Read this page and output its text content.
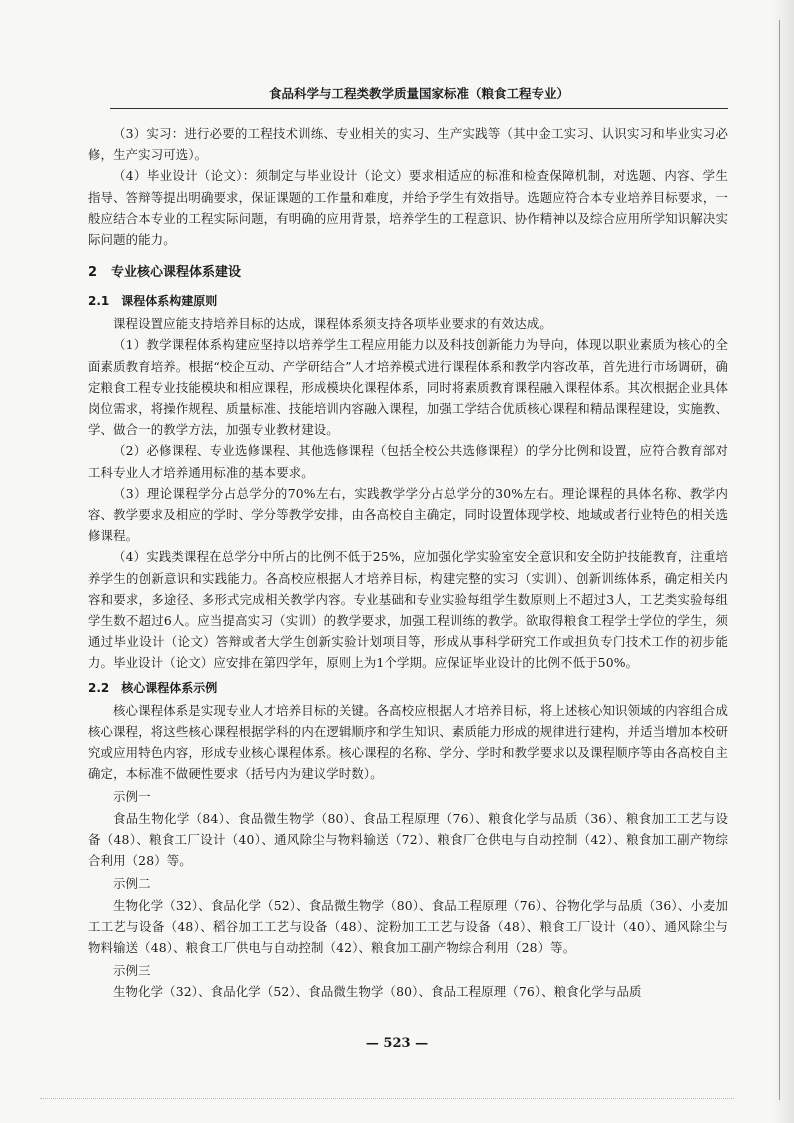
食品科学与工程类教学质量国家标准（粮食工程专业）

（3）实习：进行必要的工程技术训练、专业相关的实习、生产实践等（其中金工实习、认识实习和毕业实习必修，生产实习可选）。

（4）毕业设计（论文）：须制定与毕业设计（论文）要求相适应的标准和检查保障机制，对选题、内容、学生指导、答辩等提出明确要求，保证课题的工作量和难度，并给予学生有效指导。选题应符合本专业培养目标要求，一般应结合本专业的工程实际问题，有明确的应用背景，培养学生的工程意识、协作精神以及综合应用所学知识解决实际问题的能力。

2 专业核心课程体系建设
2.1 课程体系构建原则

课程设置应能支持培养目标的达成，课程体系须支持各项毕业要求的有效达成。

（1）教学课程体系构建应坚持以培养学生工程应用能力以及科技创新能力为导向，体现以职业素质为核心的全面素质教育培养。根据“校企互动、产学研结合”人才培养模式进行课程体系和教学内容改革，首先进行市场调研，确定粮食工程专业技能模块和相应课程，形成模块化课程体系，同时将素质教育课程融入课程体系。其次根据企业具体岗位需求，将操作规程、质量标准、技能培训内容融入课程，加强工学结合优质核心课程和精品课程建设，实施教、学、做合一的教学方法，加强专业教材建设。

（2）必修课程、专业选修课程、其他选修课程（包括全校公共选修课程）的学分比例和设置，应符合教育部对工科专业人才培养通用标准的基本要求。

（3）理论课程学分占总学分的70%左右，实践教学学分占总学分的30%左右。理论课程的具体名称、教学内容、教学要求及相应的学时、学分等教学安排，由各高校自主确定，同时设置体现学校、地域或者行业特色的相关选修课程。

（4）实践类课程在总学分中所占的比例不低于25%，应加强化学实验室安全意识和安全防护技能教育，注重培养学生的创新意识和实践能力。各高校应根据人才培养目标，构建完整的实习（实训）、创新训练体系，确定相关内容和要求，多途径、多形式完成相关教学内容。专业基础和专业实验每组学生数原则上不超过3人，工艺类实验每组学生数不超过6人。应当提高实习（实训）的教学要求，加强工程训练的教学。欲取得粮食工程学士学位的学生，须通过毕业设计（论文）答辩或者大学生创新实验计划项目等，形成从事科学研究工作或担负专门技术工作的初步能力。毕业设计（论文）应安排在第四学年，原则上为1个学期。应保证毕业设计的比例不低于50%。

2.2 核心课程体系示例

核心课程体系是实现专业人才培养目标的关键。各高校应根据人才培养目标，将上述核心知识领域的内容组合成核心课程，将这些核心课程根据学科的内在逻辑顺序和学生知识、素质能力形成的规律进行建构，并适当增加本校研究或应用特色内容，形成专业核心课程体系。核心课程的名称、学分、学时和教学要求以及课程顺序等由各高校自主确定，本标准不做硬性要求（括号内为建议学时数）。

示例一

食品生物化学（84）、食品微生物学（80）、食品工程原理（76）、粮食化学与品质（36）、粮食加工工艺与设备（48）、粮食工厂设计（40）、通风除尘与物料输送（72）、粮食厂仓供电与自动控制（42）、粮食加工副产物综合利用（28）等。

示例二

生物化学（32）、食品化学（52）、食品微生物学（80）、食品工程原理（76）、谷物化学与品质（36）、小麦加工工艺与设备（48）、稻谷加工工艺与设备（48）、淀粉加工工艺与设备（48）、粮食工厂设计（40）、通风除尘与物料输送（48）、粮食工厂供电与自动控制（42）、粮食加工副产物综合利用（28）等。

示例三

生物化学（32）、食品化学（52）、食品微生物学（80）、食品工程原理（76）、粮食化学与品质

— 523 —
